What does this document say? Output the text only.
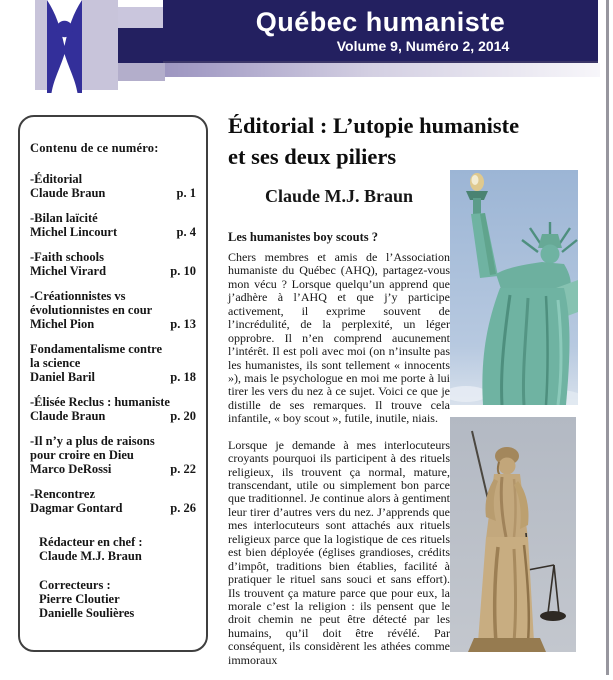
Québec humaniste
Volume 9, Numéro 2, 2014
Contenu de ce numéro:
-Éditorial
Claude Braun	p. 1
-Bilan laïcité
Michel Lincourt	p. 4
-Faith schools
Michel Virard	p. 10
-Créationnistes vs
évolutionnistes en cour
Michel Pion	p. 13
Fondamentalisme contre
la science
Daniel Baril	p. 18
-Élisée Reclus : humaniste
Claude Braun	p. 20
-Il n’y a plus de raisons
pour croire en Dieu
Marco DeRossi	p. 22
-Rencontrez
Dagmar Gontard	p. 26
Rédacteur en chef :
Claude M.J. Braun
Correcteurs :
Pierre Cloutier
Danielle Soulières
Éditorial : L’utopie humaniste
et ses deux piliers
Claude M.J. Braun
Les humanistes boy scouts ?

Chers membres et amis de l’Association humaniste du Québec (AHQ), partagez-vous mon vécu ? Lorsque quelqu’un apprend que j’adhère à l’AHQ et que j’y participe activement, il exprime souvent de l’incrédulité, de la perplexité, un léger opprobre. Il n’en comprend aucunement l’intérêt. Il est poli avec moi (on n’insulte pas les humanistes, ils sont tellement « innocents »), mais le psychologue en moi me porte à lui tirer les vers du nez à ce sujet. Voici ce que je distille de ses remarques. Il trouve cela infantile, « boy scout », futile, inutile, niais.

Lorsque je demande à mes interlocuteurs croyants pourquoi ils participent à des rituels religieux, ils trouvent ça normal, mature, transcendant, utile ou simplement bon parce que traditionnel. Je continue alors à gentiment leur tirer d’autres vers du nez. J’apprends que mes interlocuteurs sont attachés aux rituels religieux parce que la logistique de ces rituels est bien déployée (églises grandioses, crédits d’impôt, traditions bien établies, facilité à pratiquer le rituel sans souci et sans effort). Ils trouvent ça mature parce que pour eux, la morale c’est la religion : ils pensent que le droit chemin ne peut être détecté par les humains, qu’il doit être révélé. Par conséquent, ils considèrent les athées comme immoraux
